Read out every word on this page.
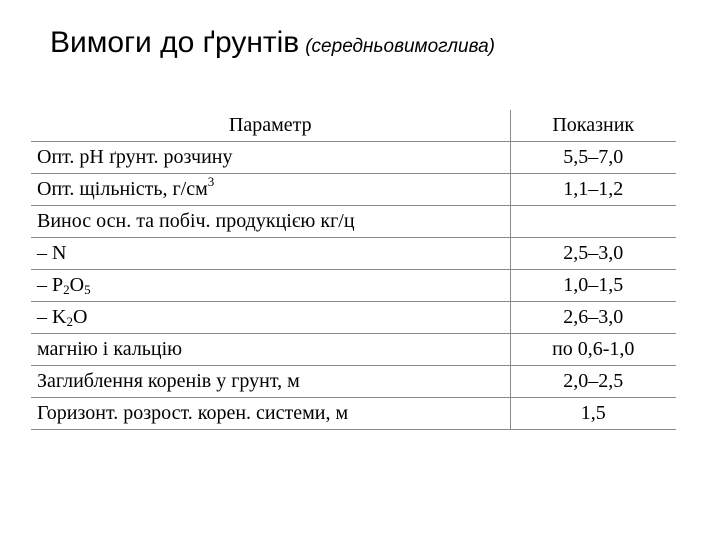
Вимоги до ґрунтів (середньовимоглива)
Параметр	Показник
Опт. рН ґрунт. розчину	5,5–7,0
Опт. щільність, $г/см^3$	1,1–1,2
Винос осн. та побіч. продукцією кг/ц	
– N	2,5–3,0
– $P_2O_5$	1,0–1,5
– $K_2O$	2,6–3,0
магнію і кальцію	по 0,6-1,0
Заглиблення коренів у грунт, м	2,0–2,5
Горизонт. розрост. корен. системи, м	1,5
